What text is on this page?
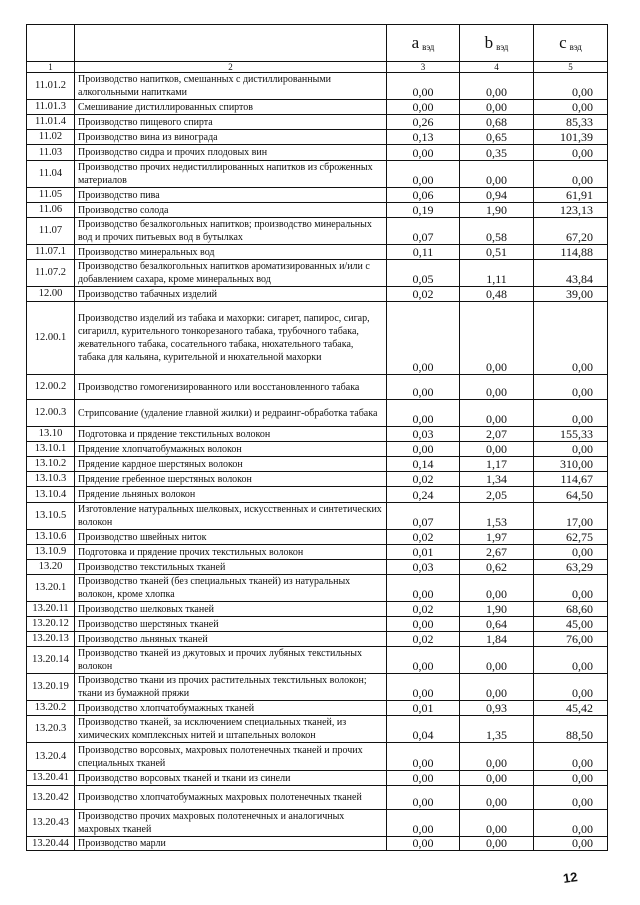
		a $_{вэд}$	b $_{вэд}$	c $_{вэд}$
1	2	3	4	5
11.01.2	Производство напитков, смешанных с дистиллированными алкогольными напитками	0,00	0,00	0,00
11.01.3	Смешивание дистиллированных спиртов	0,00	0,00	0,00
11.01.4	Производство пищевого спирта	0,26	0,68	85,33
11.02	Производство вина из винограда	0,13	0,65	101,39
11.03	Производство сидра и прочих плодовых вин	0,00	0,35	0,00
11.04	Производство прочих недистиллированных напитков из сброженных материалов	0,00	0,00	0,00
11.05	Производство пива	0,06	0,94	61,91
11.06	Производство солода	0,19	1,90	123,13
11.07	Производство безалкогольных напитков; производство минеральных вод и прочих питьевых вод в бутылках	0,07	0,58	67,20
11.07.1	Производство минеральных вод	0,11	0,51	114,88
11.07.2	Производство безалкогольных напитков ароматизированных и/или с добавлением сахара, кроме минеральных вод	0,05	1,11	43,84
12.00	Производство табачных изделий	0,02	0,48	39,00
12.00.1	Производство изделий из табака и махорки: сигарет, папирос, сигар, сигарилл, курительного тонкорезаного табака, трубочного табака, жевательного табака, сосательного табака, нюхательного табака, табака для кальяна, курительной и нюхательной махорки	0,00	0,00	0,00
12.00.2	Производство гомогенизированного или восстановленного табака	0,00	0,00	0,00
12.00.3	Стрипсование (удаление главной жилки) и редраинг-обработка табака	0,00	0,00	0,00
13.10	Подготовка и прядение текстильных волокон	0,03	2,07	155,33
13.10.1	Прядение хлопчатобумажных волокон	0,00	0,00	0,00
13.10.2	Прядение кардное шерстяных волокон	0,14	1,17	310,00
13.10.3	Прядение гребенное шерстяных волокон	0,02	1,34	114,67
13.10.4	Прядение льняных волокон	0,24	2,05	64,50
13.10.5	Изготовление натуральных шелковых, искусственных и синтетических волокон	0,07	1,53	17,00
13.10.6	Производство швейных ниток	0,02	1,97	62,75
13.10.9	Подготовка и прядение прочих текстильных волокон	0,01	2,67	0,00
13.20	Производство текстильных тканей	0,03	0,62	63,29
13.20.1	Производство тканей (без специальных тканей) из натуральных волокон, кроме хлопка	0,00	0,00	0,00
13.20.11	Производство шелковых тканей	0,02	1,90	68,60
13.20.12	Производство шерстяных тканей	0,00	0,64	45,00
13.20.13	Производство льняных тканей	0,02	1,84	76,00
13.20.14	Производство тканей из джутовых и прочих лубяных текстильных волокон	0,00	0,00	0,00
13.20.19	Производство ткани из прочих растительных текстильных волокон; ткани из бумажной пряжи	0,00	0,00	0,00
13.20.2	Производство хлопчатобумажных тканей	0,01	0,93	45,42
13.20.3	Производство тканей, за исключением специальных тканей, из химических комплексных нитей и штапельных волокон	0,04	1,35	88,50
13.20.4	Производство ворсовых, махровых полотенечных тканей и прочих специальных тканей	0,00	0,00	0,00
13.20.41	Производство ворсовых тканей и ткани из синели	0,00	0,00	0,00
13.20.42	Производство хлопчатобумажных махровых полотенечных тканей	0,00	0,00	0,00
13.20.43	Производство прочих махровых полотенечных и аналогичных махровых тканей	0,00	0,00	0,00
13.20.44	Производство марли	0,00	0,00	0,00
12
